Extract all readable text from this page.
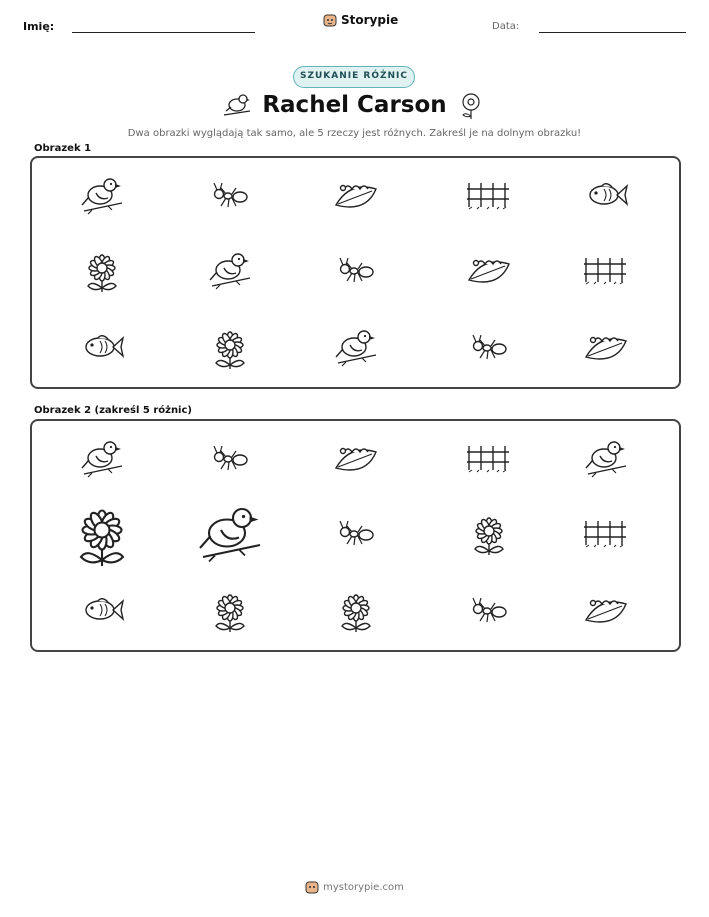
Imię:	Storypie	Data:
SZUKANIE RÓŻNIC
Rachel Carson
Dwa obrazki wyglądają tak samo, ale 5 rzeczy jest różnych. Zakreśl je na dolnym obrazku!
Obrazek 1
Obrazek 2 (zakreśl 5 różnic)
mystorypie.com
